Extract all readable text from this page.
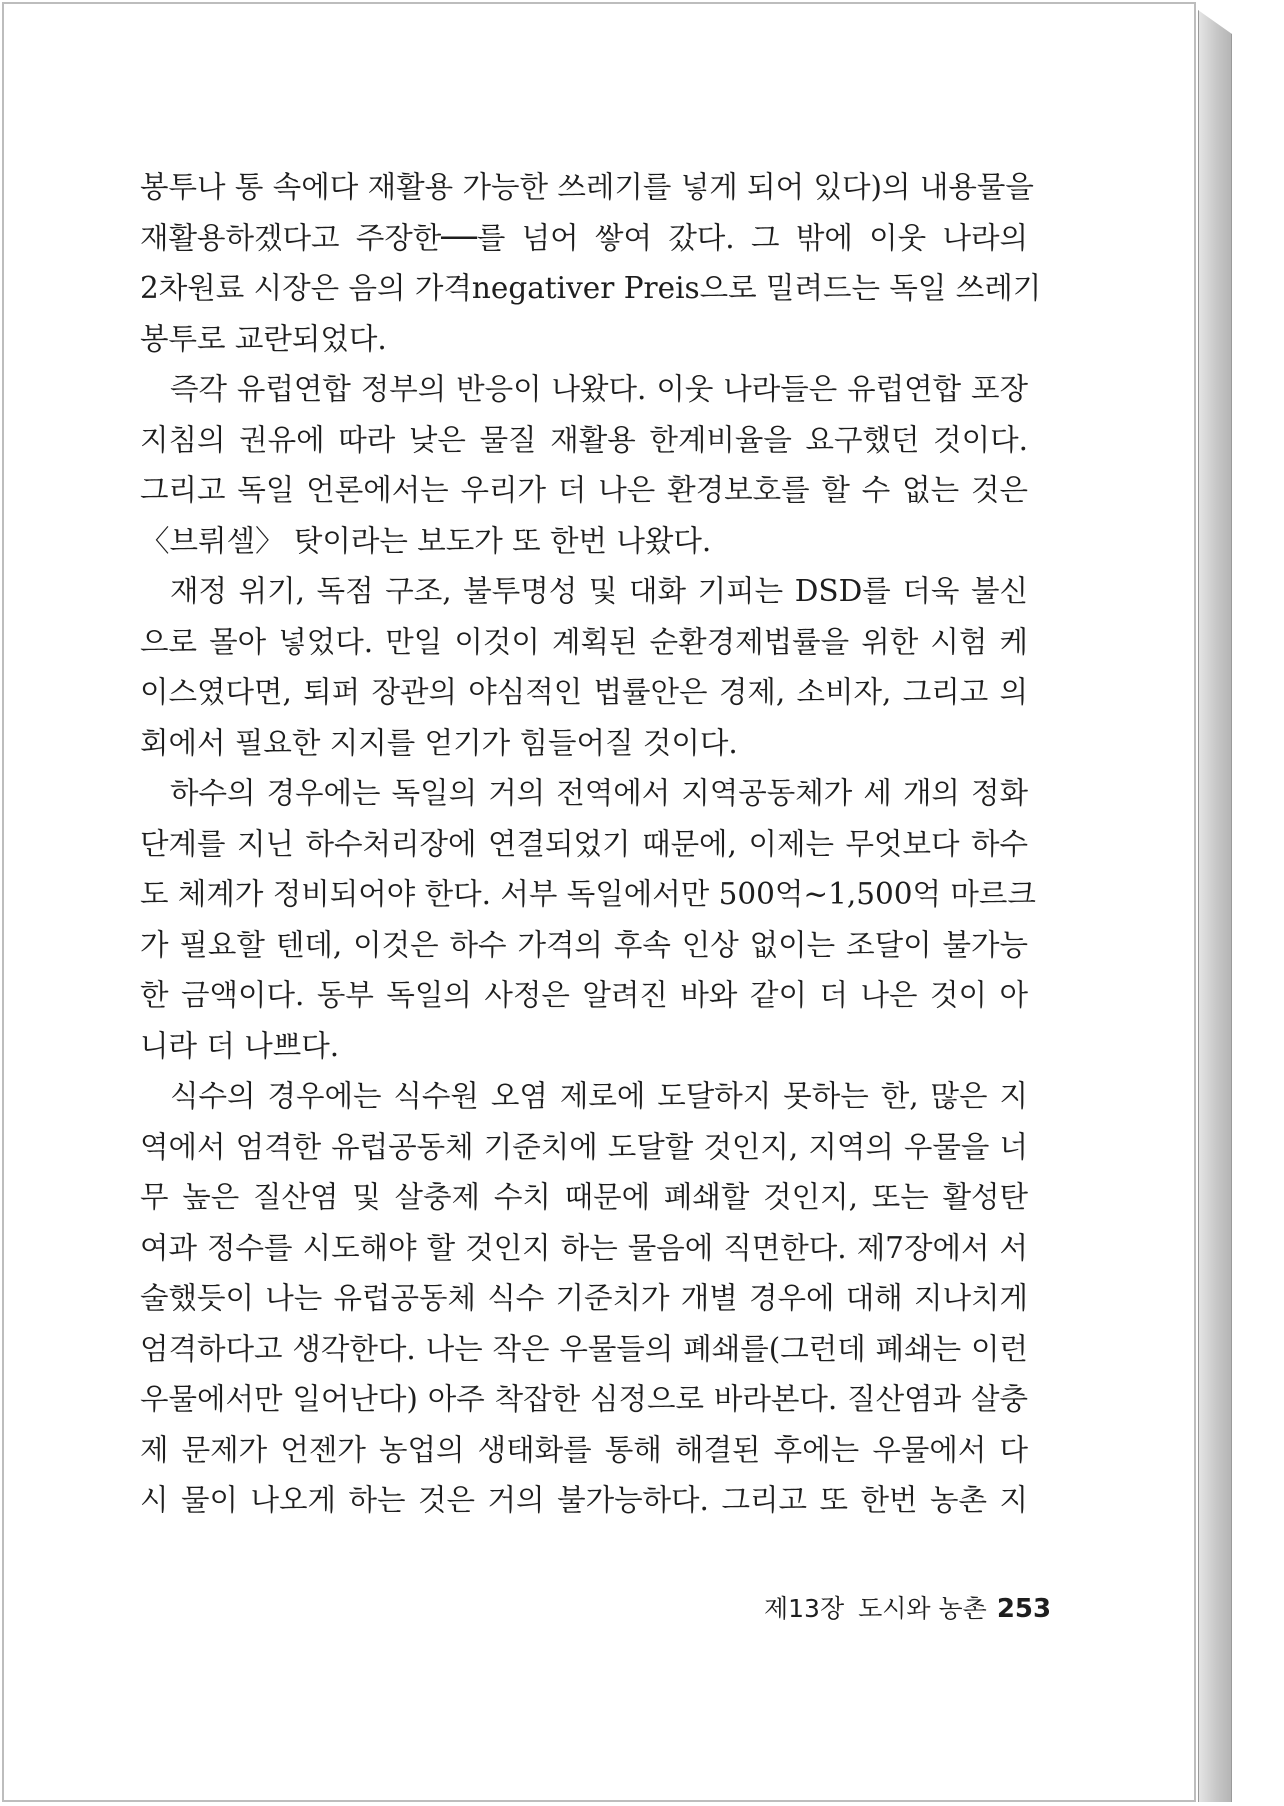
봉투나 통 속에다 재활용 가능한 쓰레기를 넣게 되어 있다)의 내용물을
재활용하겠다고 주장한──를 넘어 쌓여 갔다. 그 밖에 이웃 나라의
2차원료 시장은 음의 가격negativer Preis으로 밀려드는 독일 쓰레기
봉투로 교란되었다.

즉각 유럽연합 정부의 반응이 나왔다. 이웃 나라들은 유럽연합 포장
지침의 권유에 따라 낮은 물질 재활용 한계비율을 요구했던 것이다.
그리고 독일 언론에서는 우리가 더 나은 환경보호를 할 수 없는 것은
〈브뤼셀〉 탓이라는 보도가 또 한번 나왔다.

재정 위기, 독점 구조, 불투명성 및 대화 기피는 DSD를 더욱 불신
으로 몰아 넣었다. 만일 이것이 계획된 순환경제법률을 위한 시험 케
이스였다면, 퇴퍼 장관의 야심적인 법률안은 경제, 소비자, 그리고 의
회에서 필요한 지지를 얻기가 힘들어질 것이다.

하수의 경우에는 독일의 거의 전역에서 지역공동체가 세 개의 정화
단계를 지닌 하수처리장에 연결되었기 때문에, 이제는 무엇보다 하수
도 체계가 정비되어야 한다. 서부 독일에서만 500억~1,500억 마르크
가 필요할 텐데, 이것은 하수 가격의 후속 인상 없이는 조달이 불가능
한 금액이다. 동부 독일의 사정은 알려진 바와 같이 더 나은 것이 아
니라 더 나쁘다.

식수의 경우에는 식수원 오염 제로에 도달하지 못하는 한, 많은 지
역에서 엄격한 유럽공동체 기준치에 도달할 것인지, 지역의 우물을 너
무 높은 질산염 및 살충제 수치 때문에 폐쇄할 것인지, 또는 활성탄
여과 정수를 시도해야 할 것인지 하는 물음에 직면한다. 제7장에서 서
술했듯이 나는 유럽공동체 식수 기준치가 개별 경우에 대해 지나치게
엄격하다고 생각한다. 나는 작은 우물들의 폐쇄를(그런데 폐쇄는 이런
우물에서만 일어난다) 아주 착잡한 심정으로 바라본다. 질산염과 살충
제 문제가 언젠가 농업의 생태화를 통해 해결된 후에는 우물에서 다
시 물이 나오게 하는 것은 거의 불가능하다. 그리고 또 한번 농촌 지

제13장 도시와 농촌 253
